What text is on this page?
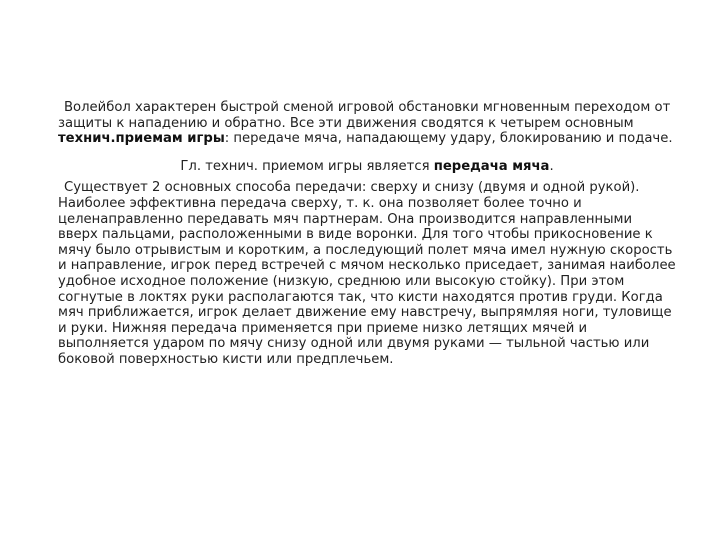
Волейбол характерен быстрой сменой игровой обстановки мгновенным переходом от защиты к нападению и обратно. Все эти движения сводятся к четырем основным технич.приемам игры: передаче мяча, нападающему удару, блокированию и подаче.

Гл. технич. приемом игры является передача мяча.

Существует 2 основных способа передачи: сверху и снизу (двумя и одной рукой). Наиболее эффективна передача сверху, т. к. она позволяет более точно и целенаправленно передавать мяч партнерам. Она производится направленными вверх пальцами, расположенными в виде воронки. Для того чтобы прикосновение к мячу было отрывистым и коротким, а последующий полет мяча имел нужную скорость и направление, игрок перед встречей с мячом несколько приседает, занимая наиболее удобное исходное положение (низкую, среднюю или высокую стойку). При этом согнутые в локтях руки располагаются так, что кисти находятся против груди. Когда мяч приближается, игрок делает движение ему навстречу, выпрямляя ноги, туловище и руки. Нижняя передача применяется при приеме низко летящих мячей и выполняется ударом по мячу снизу одной или двумя руками — тыльной частью или боковой поверхностью кисти или предплечьем.
